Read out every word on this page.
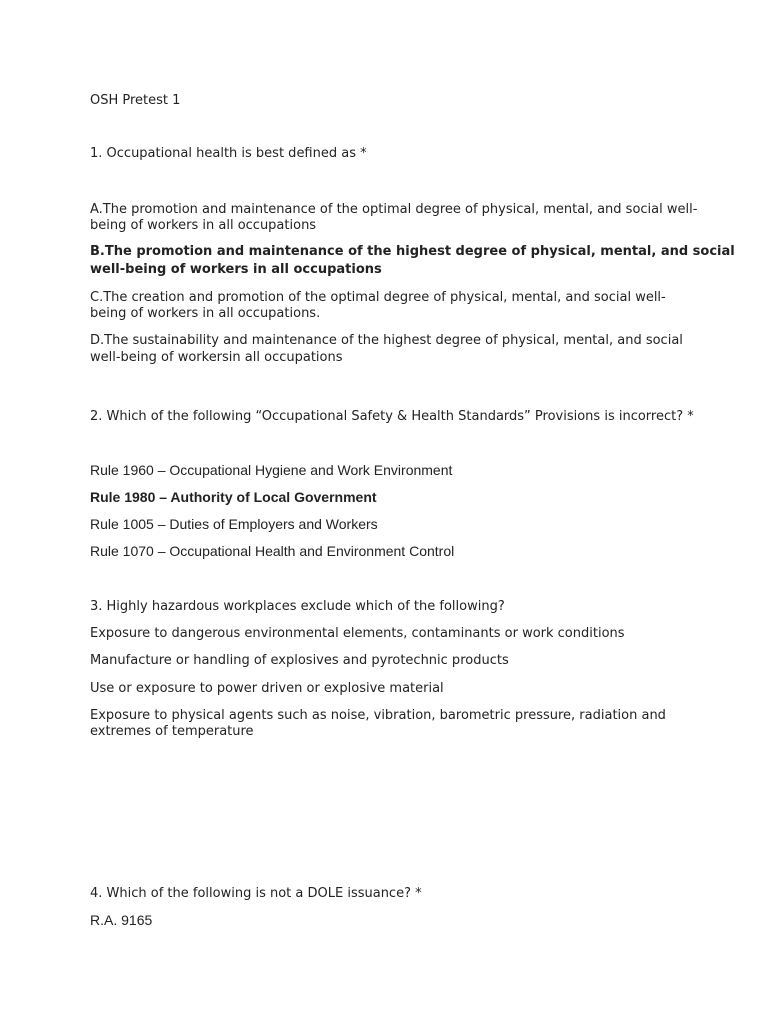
OSH Pretest 1

1. Occupational health is best defined as *

A.The promotion and maintenance of the optimal degree of physical, mental, and social well-

being of workers in all occupations

B.The promotion and maintenance of the highest degree of physical, mental, and social

well-being of workers in all occupations

C.The creation and promotion of the optimal degree of physical, mental, and social well-

being of workers in all occupations.

D.The sustainability and maintenance of the highest degree of physical, mental, and social

well-being of workersin all occupations

2. Which of the following “Occupational Safety & Health Standards” Provisions is incorrect? *

Rule 1960 – Occupational Hygiene and Work Environment

Rule 1980 – Authority of Local Government

Rule 1005 – Duties of Employers and Workers

Rule 1070 – Occupational Health and Environment Control

3. Highly hazardous workplaces exclude which of the following?

Exposure to dangerous environmental elements, contaminants or work conditions

Manufacture or handling of explosives and pyrotechnic products

Use or exposure to power driven or explosive material

Exposure to physical agents such as noise, vibration, barometric pressure, radiation and

extremes of temperature

4. Which of the following is not a DOLE issuance? *

R.A. 9165
